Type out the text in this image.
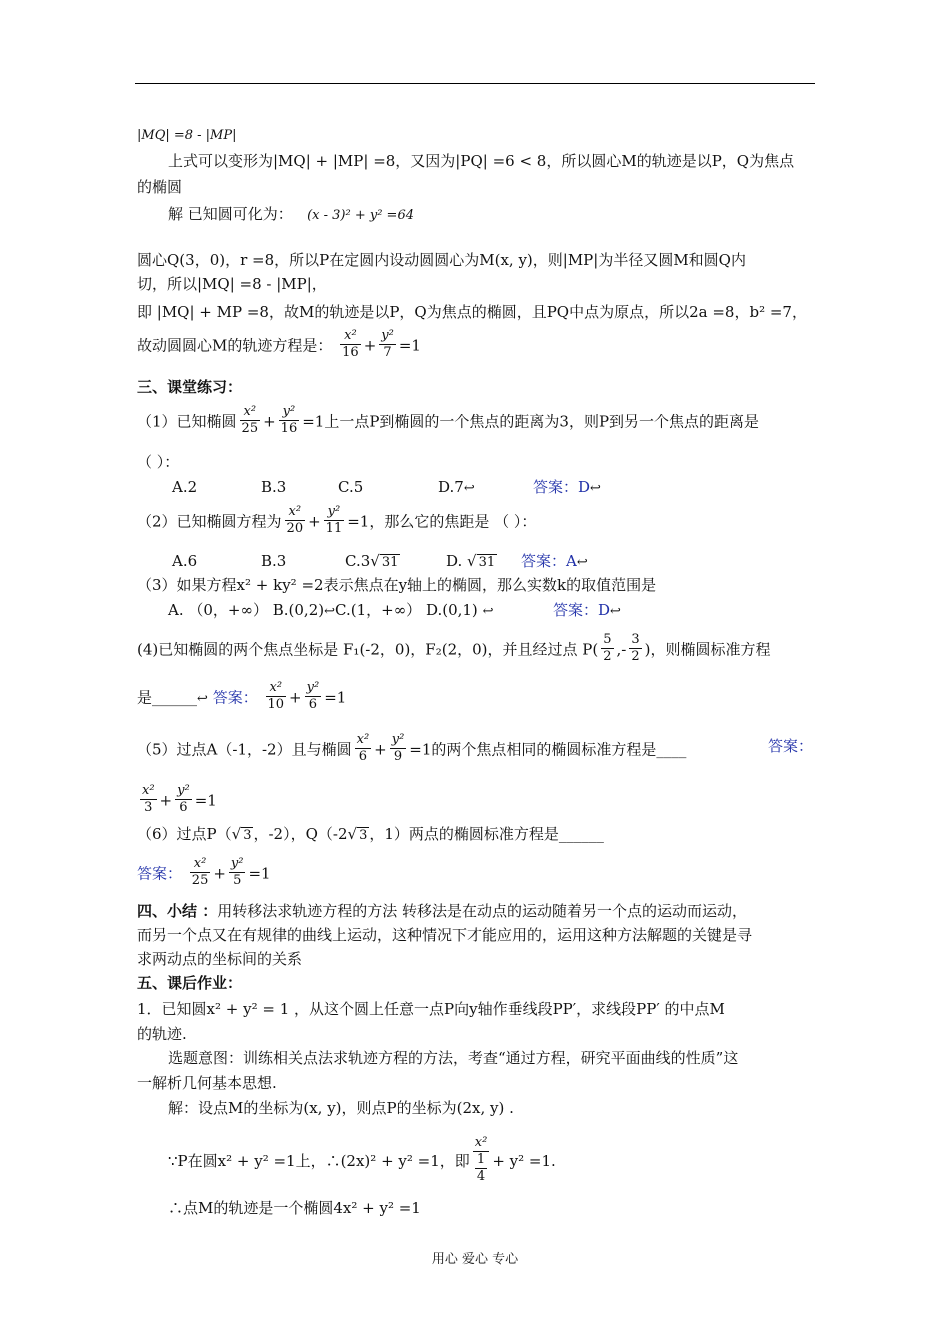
|MQ| =8 - |MP|
上式可以变形为|MQ| + |MP| =8，又因为|PQ| =6 < 8，所以圆心M的轨迹是以P，Q为焦点
的椭圆
解 已知圆可化为： (x - 3)² + y² =64
圆心Q(3，0)，r =8，所以P在定圆内设动圆圆心为M(x, y)，则|MP|为半径又圆M和圆Q内
切，所以|MQ| =8 - |MP|，
即 |MQ| + MP =8，故M的轨迹是以P，Q为焦点的椭圆，且PQ中点为原点，所以2a =8，b² =7，
故动圆圆心M的轨迹方程是： $\frac{\text{x²}}{16} + \frac{\text{y²}}{7} =1$
三、课堂练习：
（1）已知椭圆 $\frac{\text{x²}}{25} + \frac{\text{y²}}{16} =1$上一点P到椭圆的一个焦点的距离为3，则P到另一个焦点的距离是
（ ）：
A.2	B.3	C.5	D.7↩	答案：D↩
（2）已知椭圆方程为 $\frac{\text{x²}}{20} + \frac{\text{y²}}{11} =1$，那么它的焦距是 （ ）：
A.6	B.3	C.3√ 31	D. √ 31 答案：A↩
（3）如果方程x² + ky² =2表示焦点在y轴上的椭圆，那么实数k的取值范围是
A. （0，+∞） B.(0,2)↩C.(1，+∞） D.(0,1) ↩	答案：D↩
(4)已知椭圆的两个焦点坐标是 F₁(-2，0)，F₂(2，0)，并且经过点 $P( \frac{5}{2}$ ,- $\frac{3}{2}$ )，则椭圆标准方程
是______↩ 答案： $\frac{\text{x²}}{10} + \frac{\text{y²}}{6} =1$
（5）过点A（-1，-2）且与椭圆 $\frac{\text{x²}}{6} + \frac{\text{y²}}{9} =1$的两个焦点相同的椭圆标准方程是____	答案：
$\frac{\text{x²}}{3} + \frac{\text{y²}}{6} =1$
（6）过点P（√ 3 ，-2），Q（-2√ 3 ，1）两点的椭圆标准方程是______
答案： $\frac{\text{x²}}{25} + \frac{\text{y²}}{5} =1$
四、小结 ：用转移法求轨迹方程的方法 转移法是在动点的运动随着另一个点的运动而运动，
而另一个点又在有规律的曲线上运动，这种情况下才能应用的，运用这种方法解题的关键是寻
求两动点的坐标间的关系
五、课后作业：
1．已知圆x² + y² = 1 ，从这个圆上任意一点P向y轴作垂线段PP′，求线段PP′ 的中点M
的轨迹.
选题意图：训练相关点法求轨迹方程的方法，考查“通过方程，研究平面曲线的性质”这
一解析几何基本思想.
解：设点M的坐标为(x, y)，则点P的坐标为(2x, y) .
∵P在圆x² + y² =1上，∴(2x)² + y² =1，即 $\frac{\text{x²}}{\frac{1}{4}} + y^2 =1$.
∴点M的轨迹是一个椭圆4x² + y² =1
用心 爱心 专心
